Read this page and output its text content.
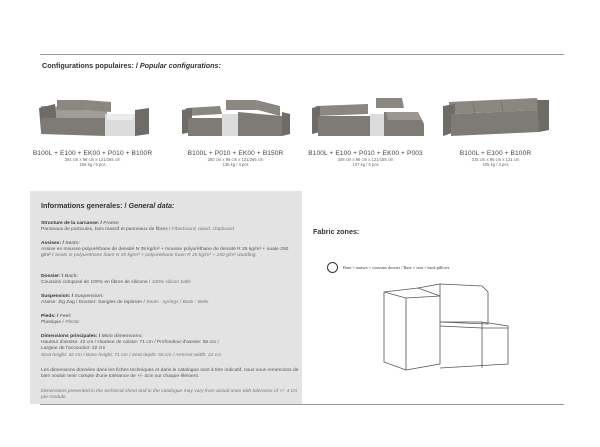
Configurations populaires: / Popular configurations:
B100L + E100 + EK00 + P010 + B100R
304 cm x 96 cm x 121/265 cm
156 kg / 5 pcs
B100L + P010 + EK00 + B150R
260 cm x 96 cm x 121/265 cm
136 kg / 4 pcs
B100L + E100 + P010 + EK00 + P003
348 cm x 96 cm x 121/155 cm
137 kg / 5 pcs
B100L + E100 + B100R
315 cm x 96 cm x 121 cm
105 kg / 3 pcs
Informations generales: / General data:
Structure de la carcasse: / Frame:
Panneaux de particules, bois massif et panneaux de fibres / Fiberboard, wood, chipboard
Assises: / Seats:
Assise en mousse polyuréthane de densité N 35 kg/m³ + mousse polyuréthane de densité R 25 kg/m³ + ouate 250 g/m² / Seats in polyurethane foam N 35 kg/m³ + polyurethane foam R 25 kg/m³ + 250 g/m² wadding
Dossier: / Back:
Coussins composé de 100% en fibres de silicone / 100% silicon balls
Suspension: / Suspension:
Assise: Zig Zag / Dossier: Sangles de tapissier / Seats : springs / Back : Belts
Pieds: / Feet:
Plastique / Plastic
Dimensions principales: / Main dimensions:
Hauteur d'assise: 42 cm / Hauteur de caisse: 71 cm / Profondeur d'assise: 56 cm /
Largeur de l'accoudoir: 22 cm
Seat height: 42 cm / Base height: 71 cm / Seat depth: 56 cm / Armrest width: 22 cm
Les dimensions données dans les fiches techniques et dans le catalogue sont à titre indicatif, nous vous remercions de bien vouloir tenir compte d'une tolérance de +/- 4cm sur chaque élément.
Dimensions presented in the technical sheet and in the catalogue may vary from actual ones with tolerance of +/- 4 cm per module.
Fabric zones:
Base + assises + coussins dossier / Base + seat + back pillows
